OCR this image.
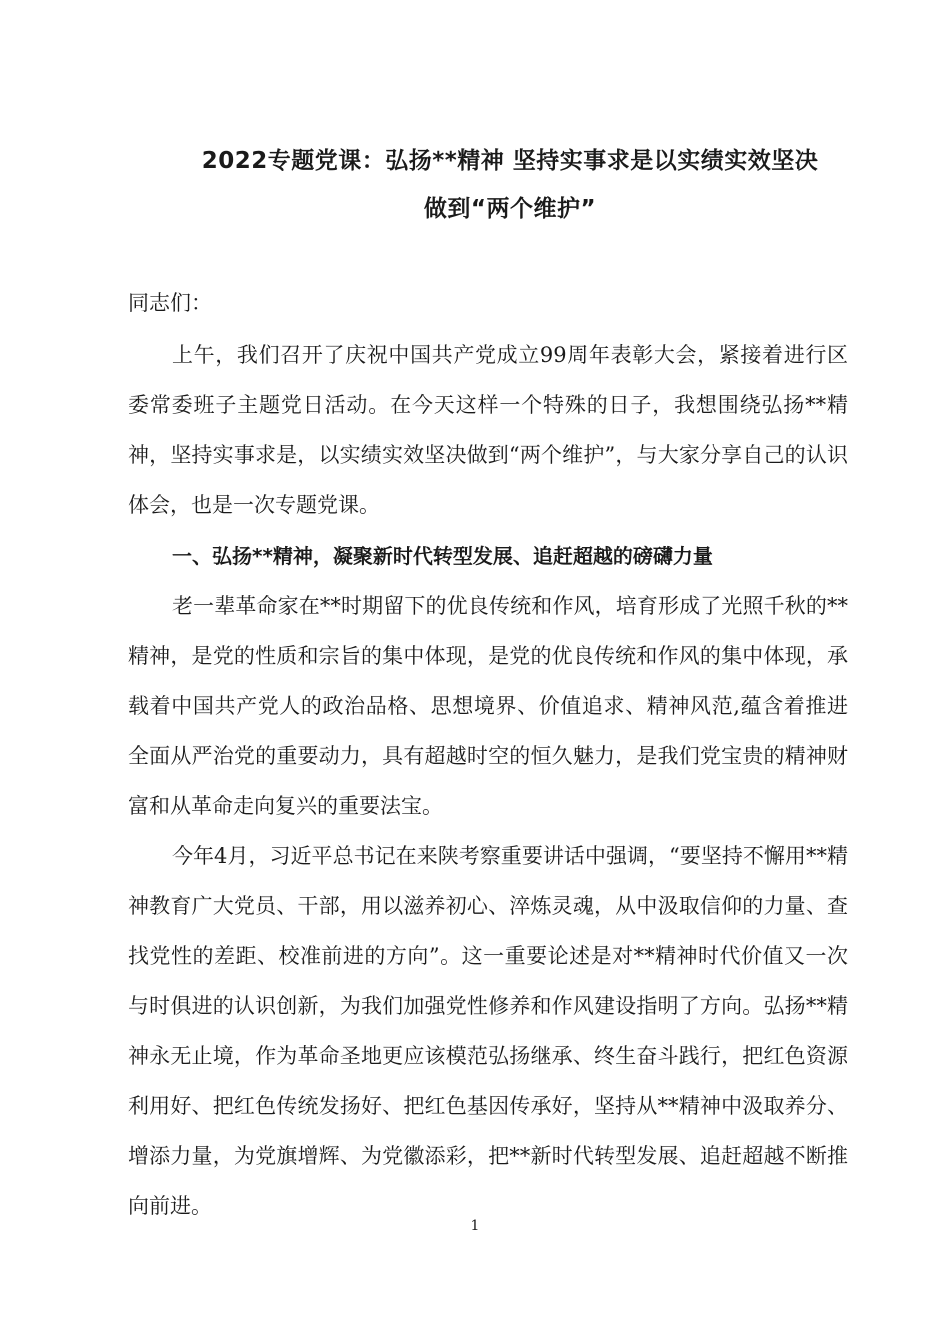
2022专题党课：弘扬**精神 坚持实事求是以实绩实效坚决
做到“两个维护”

同志们：

上午，我们召开了庆祝中国共产党成立99周年表彰大会，紧接着进行区委常委班子主题党日活动。在今天这样一个特殊的日子，我想围绕弘扬**精神，坚持实事求是，以实绩实效坚决做到“两个维护”，与大家分享自己的认识体会，也是一次专题党课。

一、弘扬**精神，凝聚新时代转型发展、追赶超越的磅礴力量

老一辈革命家在**时期留下的优良传统和作风，培育形成了光照千秋的**精神，是党的性质和宗旨的集中体现，是党的优良传统和作风的集中体现，承载着中国共产党人的政治品格、思想境界、价值追求、精神风范,蕴含着推进全面从严治党的重要动力，具有超越时空的恒久魅力，是我们党宝贵的精神财富和从革命走向复兴的重要法宝。

今年4月，习近平总书记在来陕考察重要讲话中强调，“要坚持不懈用**精神教育广大党员、干部，用以滋养初心、淬炼灵魂，从中汲取信仰的力量、查找党性的差距、校准前进的方向”。这一重要论述是对**精神时代价值又一次与时俱进的认识创新，为我们加强党性修养和作风建设指明了方向。弘扬**精神永无止境，作为革命圣地更应该模范弘扬继承、终生奋斗践行，把红色资源利用好、把红色传统发扬好、把红色基因传承好，坚持从**精神中汲取养分、增添力量，为党旗增辉、为党徽添彩，把**新时代转型发展、追赶超越不断推向前进。

1
